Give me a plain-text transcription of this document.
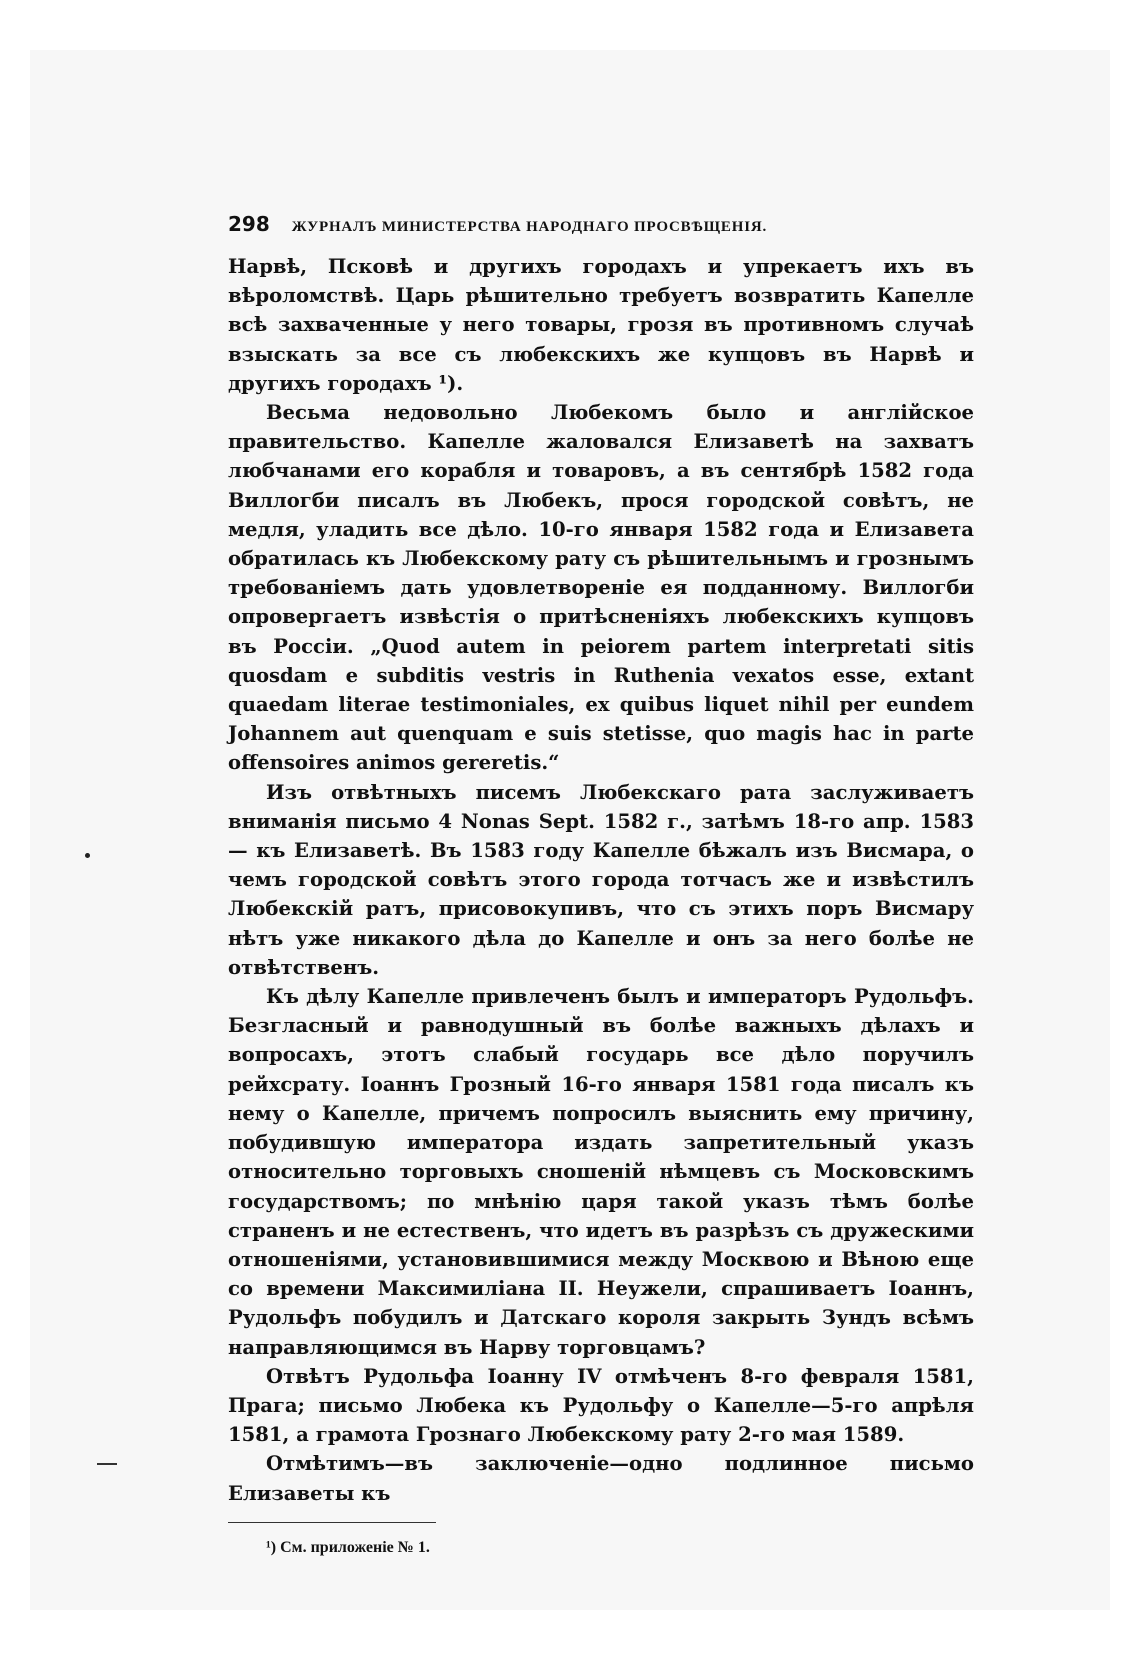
298 ЖУРНАЛЪ МИНИСТЕРСТВА НАРОДНАГО ПРОСВѢЩЕНІЯ.

Нарвѣ, Псковѣ и другихъ городахъ и упрекаетъ ихъ въ вѣроломствѣ. Царь рѣшительно требуетъ возвратить Капелле всѣ захваченные у него товары, грозя въ противномъ случаѣ взыскать за все съ любекскихъ же купцовъ въ Нарвѣ и другихъ городахъ ¹).

Весьма недовольно Любекомъ было и англійское правительство. Капелле жаловался Елизаветѣ на захватъ любчанами его корабля и товаровъ, а въ сентябрѣ 1582 года Виллогби писалъ въ Любекъ, прося городской совѣтъ, не медля, уладить все дѣло. 10-го января 1582 года и Елизавета обратилась къ Любекскому рату съ рѣшительнымъ и грознымъ требованіемъ дать удовлетвореніе ея подданному. Виллогби опровергаетъ извѣстія о притѣсненіяхъ любекскихъ купцовъ въ Россіи. „Quod autem in peiorem partem interpretati sitis quosdam e subditis vestris in Ruthenia vexatos esse, extant quaedam literae testimoniales, ex quibus liquet nihil per eundem Johannem aut quenquam e suis stetisse, quo magis hac in parte offensoires animos gereretis.“

Изъ отвѣтныхъ писемъ Любекскаго рата заслуживаетъ вниманія письмо 4 Nonas Sept. 1582 г., затѣмъ 18-го апр. 1583 — къ Елизаветѣ. Въ 1583 году Капелле бѣжалъ изъ Висмара, о чемъ городской совѣтъ этого города тотчасъ же и извѣстилъ Любекскій ратъ, присовокупивъ, что съ этихъ поръ Висмару нѣтъ уже никакого дѣла до Капелле и онъ за него болѣе не отвѣтственъ.

Къ дѣлу Капелле привлеченъ былъ и императоръ Рудольфъ. Безгласный и равнодушный въ болѣе важныхъ дѣлахъ и вопросахъ, этотъ слабый государь все дѣло поручилъ рейхсрату. Іоаннъ Грозный 16-го января 1581 года писалъ къ нему о Капелле, причемъ попросилъ выяснить ему причину, побудившую императора издать запретительный указъ относительно торговыхъ сношеній нѣмцевъ съ Московскимъ государствомъ; по мнѣнію царя такой указъ тѣмъ болѣе страненъ и не естественъ, что идетъ въ разрѣзъ съ дружескими отношеніями, установившимися между Москвою и Вѣною еще со времени Максимиліана II. Неужели, спрашиваетъ Іоаннъ, Рудольфъ побудилъ и Датскаго короля закрыть Зундъ всѣмъ направляющимся въ Нарву торговцамъ?

Отвѣтъ Рудольфа Іоанну IV отмѣченъ 8-го февраля 1581, Прага; письмо Любека къ Рудольфу о Капелле—5-го апрѣля 1581, а грамота Грознаго Любекскому рату 2-го мая 1589.

Отмѣтимъ—въ заключеніе—одно подлинное письмо Елизаветы къ

¹) См. приложеніе № 1.
